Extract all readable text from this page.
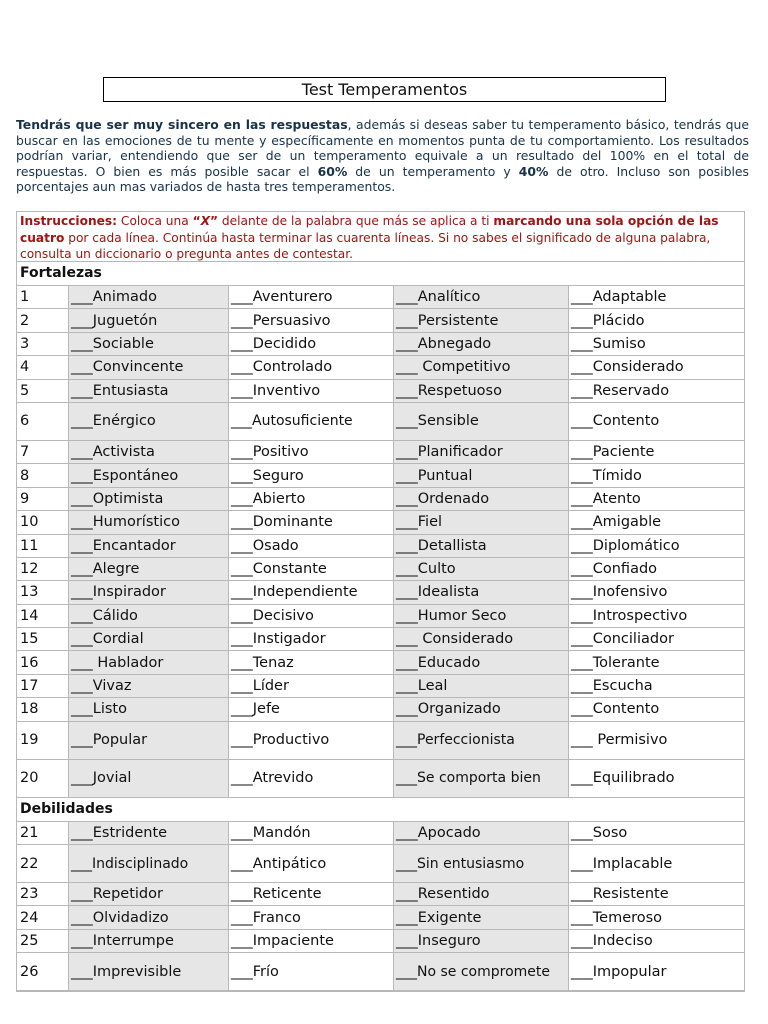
Test Temperamentos
Tendrás que ser muy sincero en las respuestas, además si deseas saber tu temperamento básico, tendrás que buscar en las emociones de tu mente y específicamente en momentos punta de tu comportamiento. Los resultados podrían variar, entendiendo que ser de un temperamento equivale a un resultado del 100% en el total de respuestas. O bien es más posible sacar el 60% de un temperamento y 40% de otro. Incluso son posibles porcentajes aun mas variados de hasta tres temperamentos.
Instrucciones: Coloca una “X” delante de la palabra que más se aplica a ti marcando una sola opción de las cuatro por cada línea. Continúa hasta terminar las cuarenta líneas. Si no sabes el significado de alguna palabra, consulta un diccionario o pregunta antes de contestar.
Fortalezas
1	___Animado	___Aventurero	___Analítico	___Adaptable
2	___Juguetón	___Persuasivo	___Persistente	___Plácido
3	___Sociable	___Decidido	___Abnegado	___Sumiso
4	___Convincente	___Controlado	___ Competitivo	___Considerado
5	___Entusiasta	___Inventivo	___Respetuoso	___Reservado
6	___Enérgico	___Autosuficiente	___Sensible	___Contento
7	___Activista	___Positivo	___Planificador	___Paciente
8	___Espontáneo	___Seguro	___Puntual	___Tímido
9	___Optimista	___Abierto	___Ordenado	___Atento
10	___Humorístico	___Dominante	___Fiel	___Amigable
11	___Encantador	___Osado	___Detallista	___Diplomático
12	___Alegre	___Constante	___Culto	___Confiado
13	___Inspirador	___Independiente	___Idealista	___Inofensivo
14	___Cálido	___Decisivo	___Humor Seco	___Introspectivo
15	___Cordial	___Instigador	___ Considerado	___Conciliador
16	___ Hablador	___Tenaz	___Educado	___Tolerante
17	___Vivaz	___Líder	___Leal	___Escucha
18	___Listo	___Jefe	___Organizado	___Contento
19	___Popular	___Productivo	___Perfeccionista	___ Permisivo
20	___Jovial	___Atrevido	___Se comporta bien	___Equilibrado
Debilidades
21	___Estridente	___Mandón	___Apocado	___Soso
22	___Indisciplinado	___Antipático	___Sin entusiasmo	___Implacable
23	___Repetidor	___Reticente	___Resentido	___Resistente
24	___Olvidadizo	___Franco	___Exigente	___Temeroso
25	___Interrumpe	___Impaciente	___Inseguro	___Indeciso
26	___Imprevisible	___Frío	___No se comprometе	___Impopular
